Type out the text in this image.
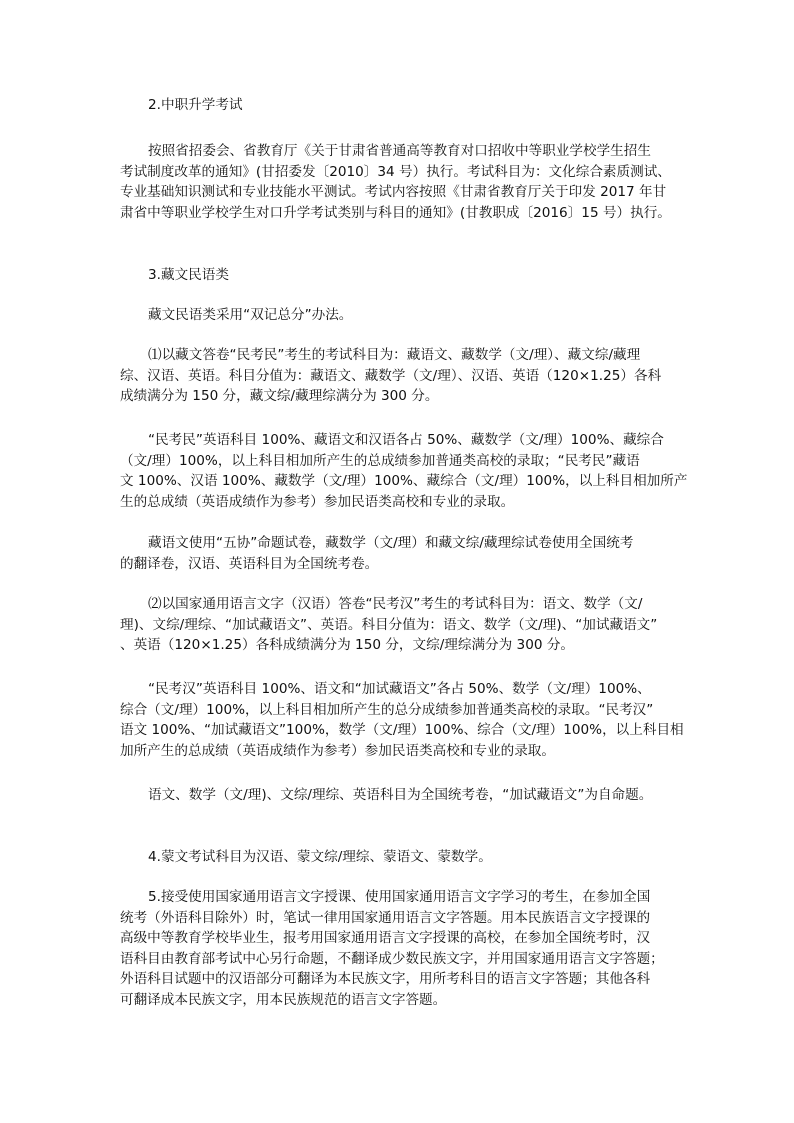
2.中职升学考试
按照省招委会、省教育厅《关于甘肃省普通高等教育对口招收中等职业学校学生招生
考试制度改革的通知》(甘招委发〔2010〕34 号）执行。考试科目为：文化综合素质测试、
专业基础知识测试和专业技能水平测试。考试内容按照《甘肃省教育厅关于印发 2017 年甘
肃省中等职业学校学生对口升学考试类别与科目的通知》(甘教职成〔2016〕15 号）执行。
3.藏文民语类
藏文民语类采用“双记总分”办法。
⑴以藏文答卷“民考民”考生的考试科目为：藏语文、藏数学（文/理）、藏文综/藏理
综、汉语、英语。科目分值为：藏语文、藏数学（文/理）、汉语、英语（120×1.25）各科
成绩满分为 150 分，藏文综/藏理综满分为 300 分。
“民考民”英语科目 100%、藏语文和汉语各占 50%、藏数学（文/理）100%、藏综合
（文/理）100%，以上科目相加所产生的总成绩参加普通类高校的录取；“民考民”藏语
文 100%、汉语 100%、藏数学（文/理）100%、藏综合（文/理）100%，以上科目相加所产
生的总成绩（英语成绩作为参考）参加民语类高校和专业的录取。
藏语文使用“五协”命题试卷，藏数学（文/理）和藏文综/藏理综试卷使用全国统考
的翻译卷，汉语、英语科目为全国统考卷。
⑵以国家通用语言文字（汉语）答卷“民考汉”考生的考试科目为：语文、数学（文/
理)、文综/理综、“加试藏语文”、英语。科目分值为：语文、数学（文/理)、“加试藏语文”
、英语（120×1.25）各科成绩满分为 150 分，文综/理综满分为 300 分。
“民考汉”英语科目 100%、语文和“加试藏语文”各占 50%、数学（文/理）100%、
综合（文/理）100%，以上科目相加所产生的总分成绩参加普通类高校的录取。“民考汉”
语文 100%、“加试藏语文”100%，数学（文/理）100%、综合（文/理）100%，以上科目相
加所产生的总成绩（英语成绩作为参考）参加民语类高校和专业的录取。
语文、数学（文/理)、文综/理综、英语科目为全国统考卷，“加试藏语文”为自命题。
4.蒙文考试科目为汉语、蒙文综/理综、蒙语文、蒙数学。
5.接受使用国家通用语言文字授课、使用国家通用语言文字学习的考生，在参加全国
统考（外语科目除外）时，笔试一律用国家通用语言文字答题。用本民族语言文字授课的
高级中等教育学校毕业生，报考用国家通用语言文字授课的高校，在参加全国统考时，汉
语科目由教育部考试中心另行命题，不翻译成少数民族文字，并用国家通用语言文字答题；
外语科目试题中的汉语部分可翻译为本民族文字，用所考科目的语言文字答题；其他各科
可翻译成本民族文字，用本民族规范的语言文字答题。
